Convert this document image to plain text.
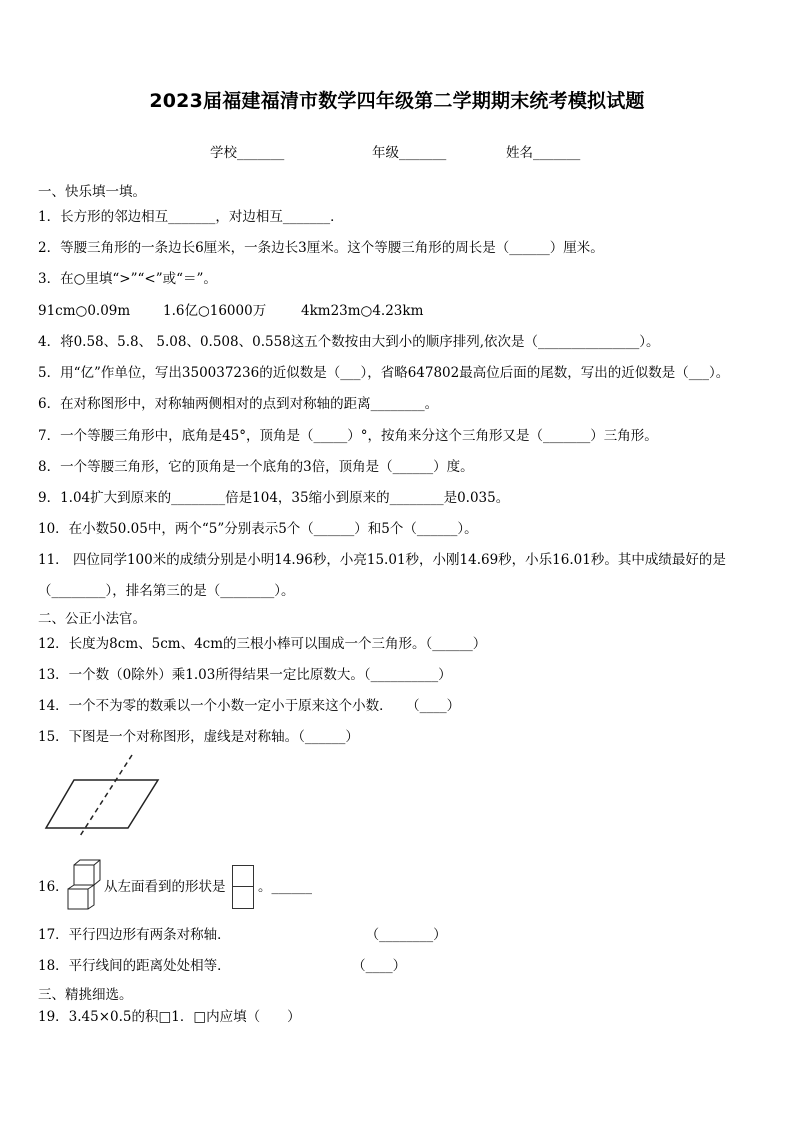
2023届福建福清市数学四年级第二学期期末统考模拟试题
学校_______	年级_______	姓名_______
一、快乐填一填。
1．长方形的邻边相互_______，对边相互_______．
2．等腰三角形的一条边长6厘米，一条边长3厘米。这个等腰三角形的周长是（______）厘米。
3．在○里填“>”“<”或“＝”。
91cm○0.09m	1.6亿○16000万	4km23m○4.23km
4．将0.58、5.8、 5.08、0.508、0.558这五个数按由大到小的顺序排列,依次是（_______________）。
5．用“亿”作单位，写出350037236的近似数是（___），省略647802最高位后面的尾数，写出的近似数是（___）。
6．在对称图形中，对称轴两侧相对的点到对称轴的距离________。
7．一个等腰三角形中，底角是45°，顶角是（_____）°，按角来分这个三角形又是（_______）三角形。
8．一个等腰三角形，它的顶角是一个底角的3倍，顶角是（______）度。
9．1.04扩大到原来的________倍是104，35缩小到原来的________是0.035。
10．在小数50.05中，两个“5”分别表示5个（______）和5个（______）。
11． 四位同学100米的成绩分别是小明14.96秒，小亮15.01秒，小刚14.69秒，小乐16.01秒。其中成绩最好的是
（________），排名第三的是（________）。
二、公正小法官。
12．长度为8cm、5cm、4cm的三根小棒可以围成一个三角形。（______）
13．一个数（0除外）乘1.03所得结果一定比原数大。（__________）
14．一个不为零的数乘以一个小数一定小于原来这个小数．　　（____）
15．下图是一个对称图形，虚线是对称轴。（______）
16．	从左面看到的形状是	。______
17．平行四边形有两条对称轴．　　　　　　　　　　　（________）
18．平行线间的距离处处相等．　　　　　　　　　　（____）
三、精挑细选。
19．3.45×0.5的积□1．□内应填（　　）
